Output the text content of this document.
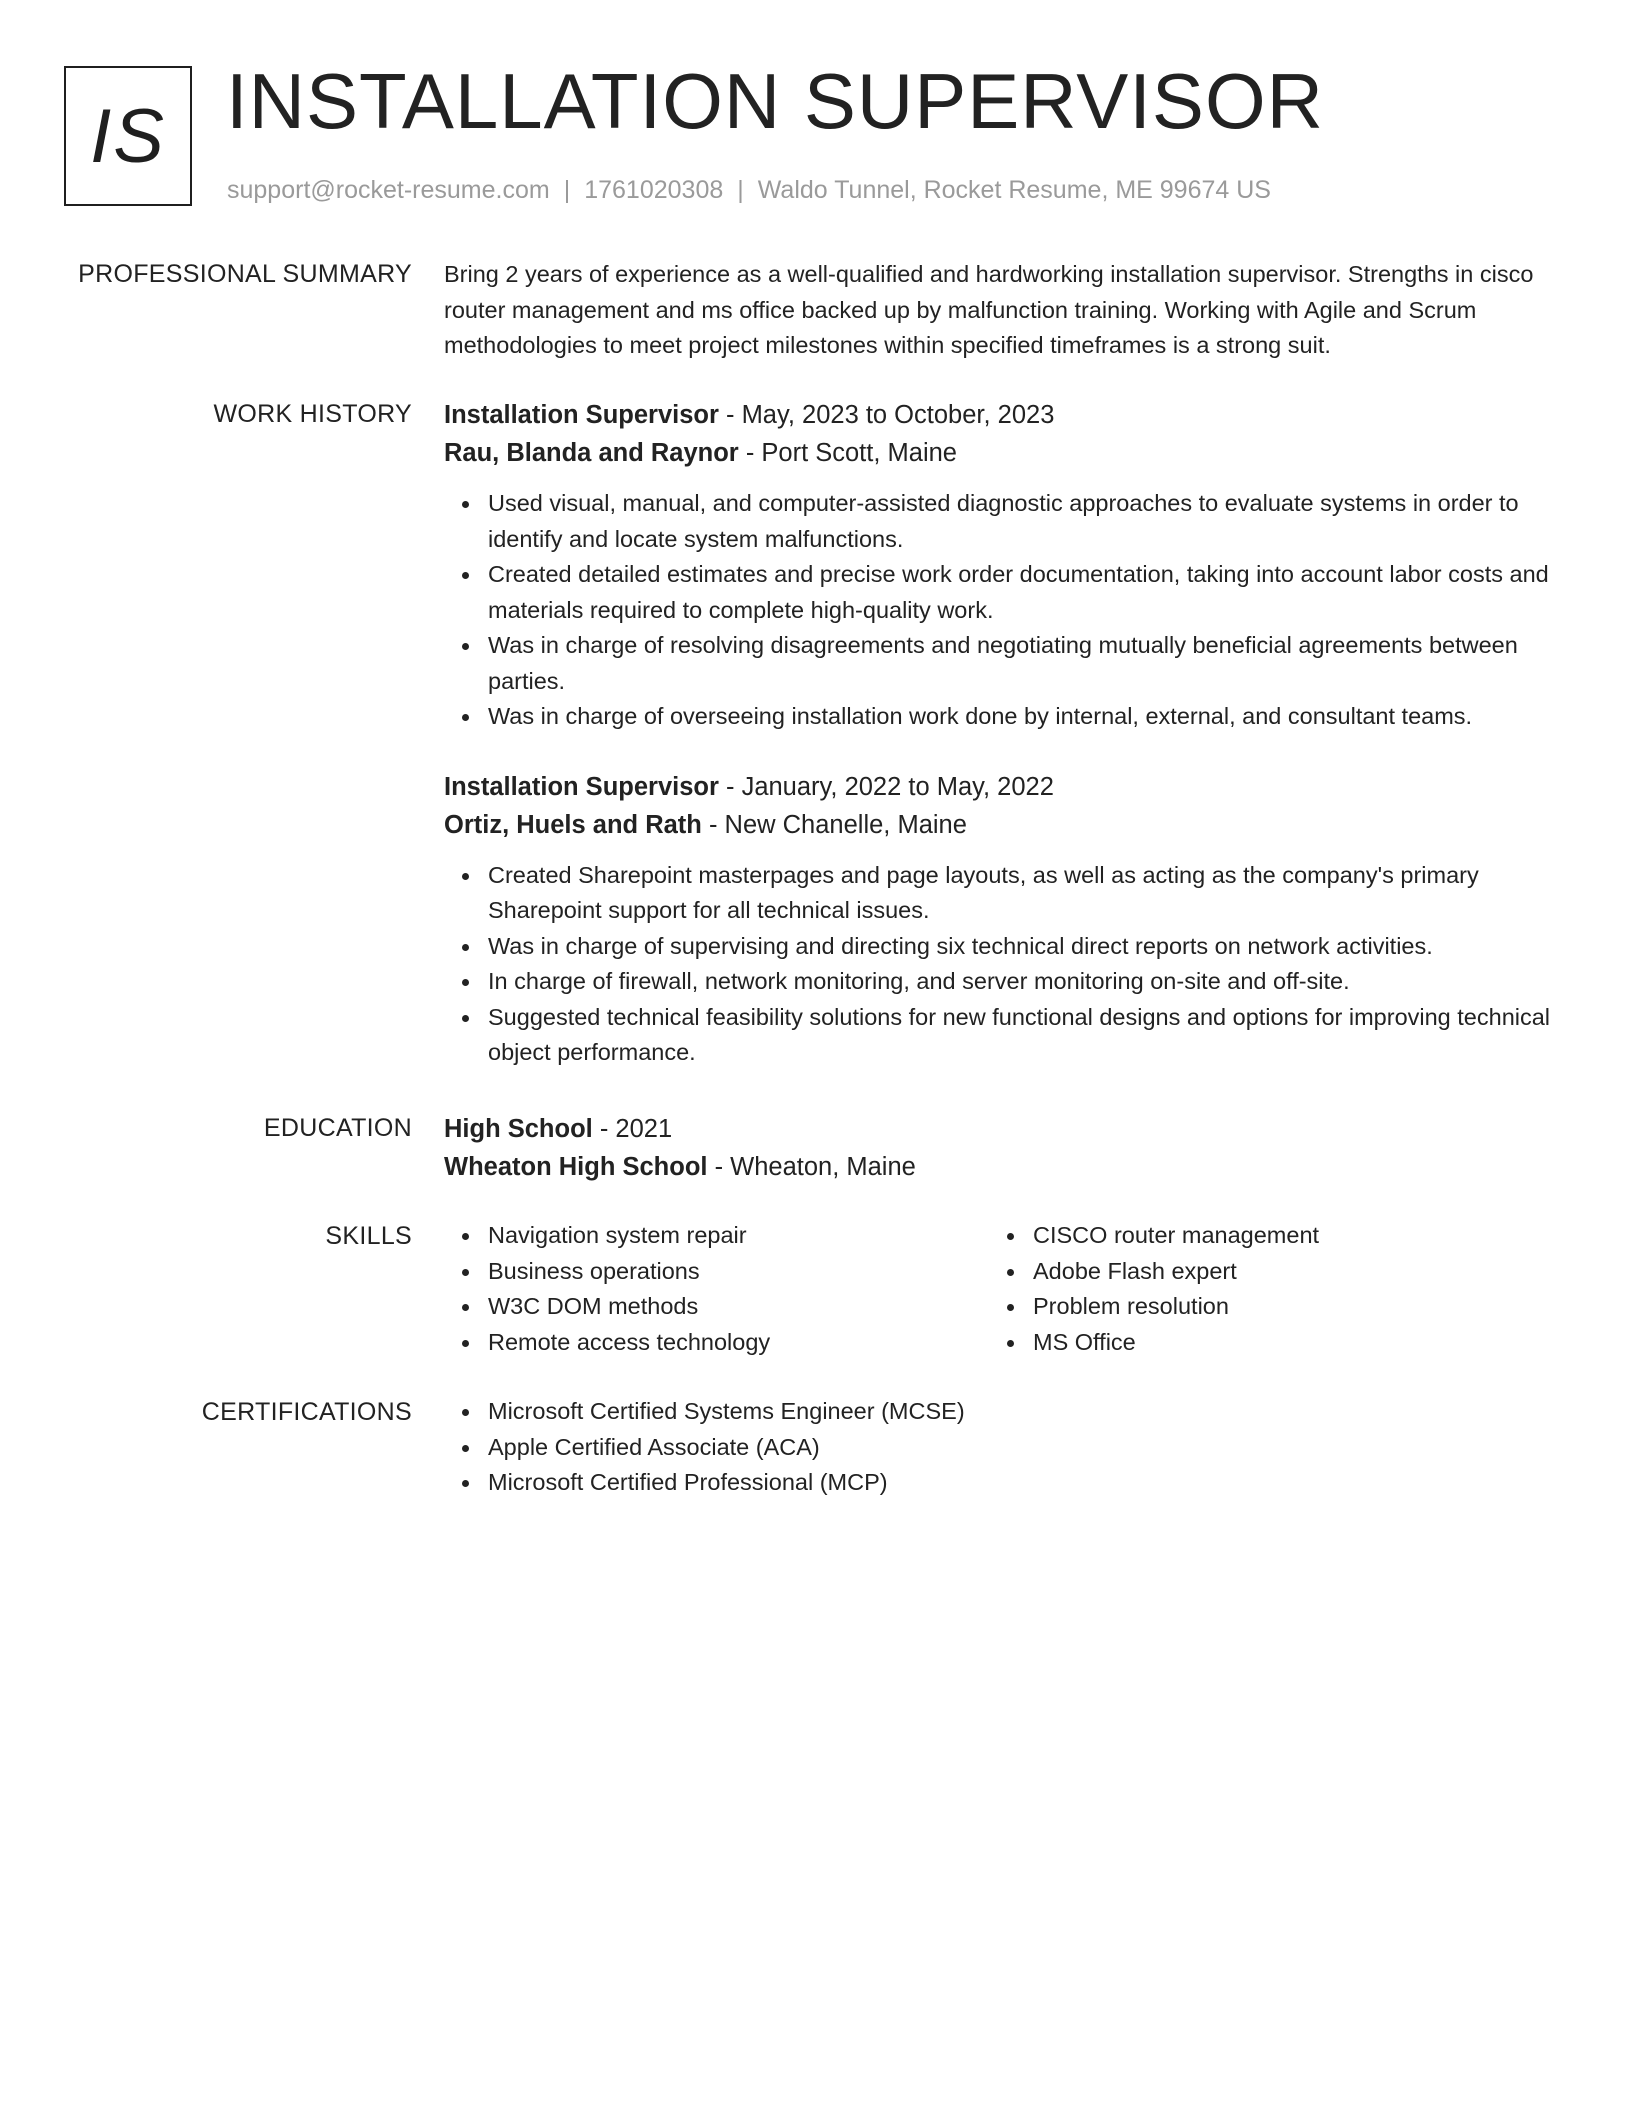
IS INSTALLATION SUPERVISOR
support@rocket-resume.com | 1761020308 | Waldo Tunnel, Rocket Resume, ME 99674 US
PROFESSIONAL SUMMARY Bring 2 years of experience as a well-qualified and hardworking installation supervisor. Strengths in cisco router management and ms office backed up by malfunction training. Working with Agile and Scrum methodologies to meet project milestones within specified timeframes is a strong suit.

WORK HISTORY Installation Supervisor - May, 2023 to October, 2023
Rau, Blanda and Raynor - Port Scott, Maine
Used visual, manual, and computer-assisted diagnostic approaches to evaluate systems in order to identify and locate system malfunctions.
Created detailed estimates and precise work order documentation, taking into account labor costs and materials required to complete high-quality work.
Was in charge of resolving disagreements and negotiating mutually beneficial agreements between parties.
Was in charge of overseeing installation work done by internal, external, and consultant teams.
Installation Supervisor - January, 2022 to May, 2022
Ortiz, Huels and Rath - New Chanelle, Maine
Created Sharepoint masterpages and page layouts, as well as acting as the company's primary Sharepoint support for all technical issues.
Was in charge of supervising and directing six technical direct reports on network activities.
In charge of firewall, network monitoring, and server monitoring on-site and off-site.
Suggested technical feasibility solutions for new functional designs and options for improving technical object performance.
EDUCATION High School - 2021
Wheaton High School - Wheaton, Maine
SKILLS	Navigation system repair
Business operations
W3C DOM methods
Remote access technology
CISCO router management
Adobe Flash expert
Problem resolution
MS Office
CERTIFICATIONS	Microsoft Certified Systems Engineer (MCSE)
Apple Certified Associate (ACA)
Microsoft Certified Professional (MCP)
